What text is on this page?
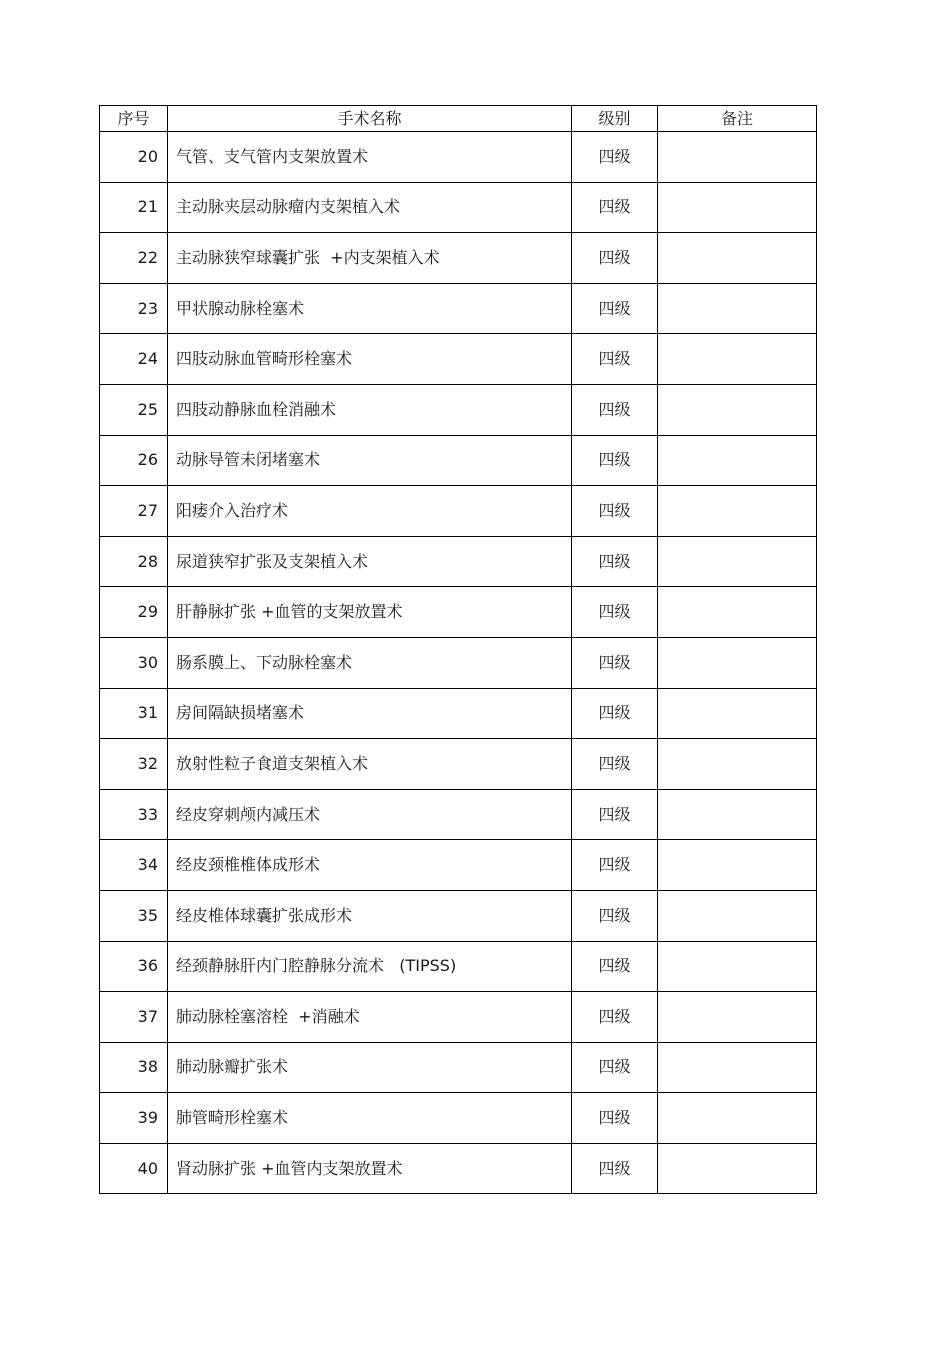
序号	手术名称	级别	备注
20	气管、支气管内支架放置术	四级	
21	主动脉夹层动脉瘤内支架植入术	四级	
22	主动脉狭窄球囊扩张  +内支架植入术	四级	
23	甲状腺动脉栓塞术	四级	
24	四肢动脉血管畸形栓塞术	四级	
25	四肢动静脉血栓消融术	四级	
26	动脉导管未闭堵塞术	四级	
27	阳痿介入治疗术	四级	
28	尿道狭窄扩张及支架植入术	四级	
29	肝静脉扩张 +血管的支架放置术	四级	
30	肠系膜上、下动脉栓塞术	四级	
31	房间隔缺损堵塞术	四级	
32	放射性粒子食道支架植入术	四级	
33	经皮穿刺颅内减压术	四级	
34	经皮颈椎椎体成形术	四级	
35	经皮椎体球囊扩张成形术	四级	
36	经颈静脉肝内门腔静脉分流术   (TIPSS)	四级	
37	肺动脉栓塞溶栓  +消融术	四级	
38	肺动脉瓣扩张术	四级	
39	肺管畸形栓塞术	四级	
40	肾动脉扩张 +血管内支架放置术	四级	
